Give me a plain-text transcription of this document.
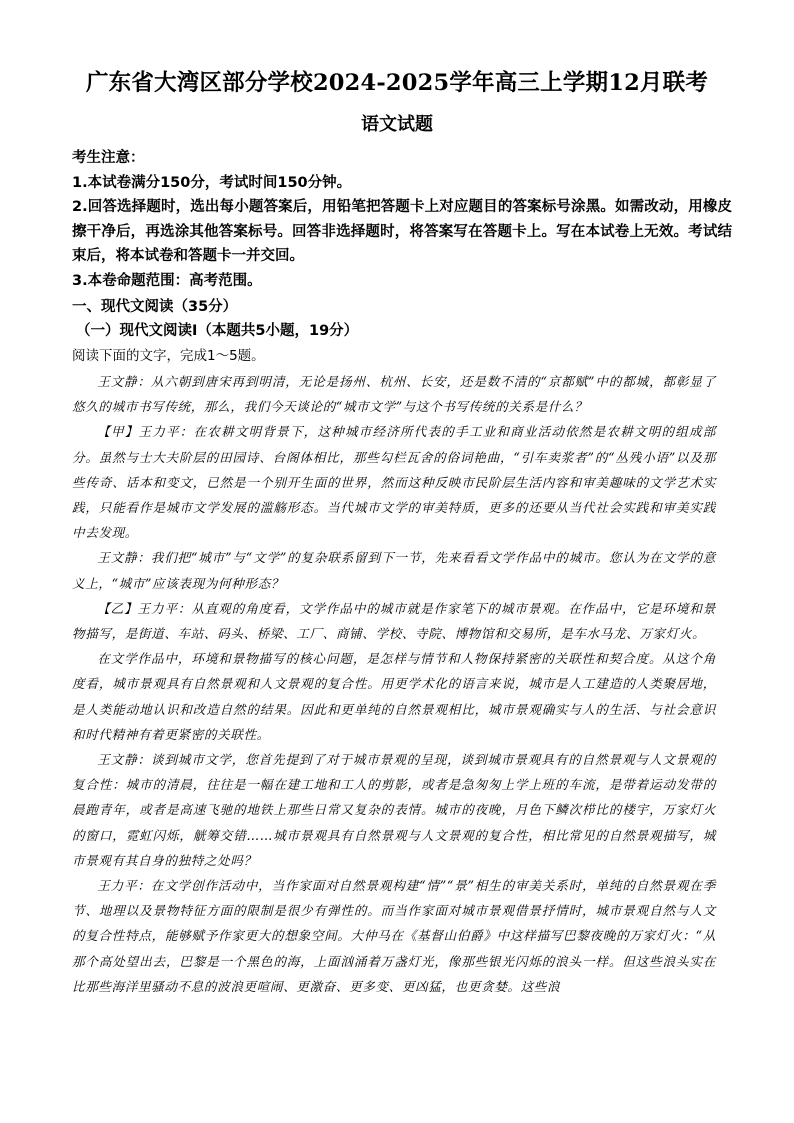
广东省大湾区部分学校2024-2025学年高三上学期12月联考
语文试题
考生注意：
1.本试卷满分150分，考试时间150分钟。
2.回答选择题时，选出每小题答案后，用铅笔把答题卡上对应题目的答案标号涂黑。如需改动，用橡皮擦干净后，再选涂其他答案标号。回答非选择题时，将答案写在答题卡上。写在本试卷上无效。考试结束后，将本试卷和答题卡一并交回。
3.本卷命题范围：高考范围。
一、现代文阅读（35分）
（一）现代文阅读Ⅰ（本题共5小题，19分）
阅读下面的文字，完成1～5题。

王文静：从六朝到唐宋再到明清，无论是扬州、杭州、长安，还是数不清的“京都赋”中的都城，都彰显了悠久的城市书写传统，那么，我们今天谈论的“城市文学”与这个书写传统的关系是什么？

【甲】王力平：在农耕文明背景下，这种城市经济所代表的手工业和商业活动依然是农耕文明的组成部分。虽然与士大夫阶层的田园诗、台阁体相比，那些勾栏瓦舍的俗词艳曲，“引车卖浆者”的“丛残小语”以及那些传奇、话本和变文，已然是一个别开生面的世界，然而这种反映市民阶层生活内容和审美趣味的文学艺术实践，只能看作是城市文学发展的滥觞形态。当代城市文学的审美特质，更多的还要从当代社会实践和审美实践中去发现。

王文静：我们把“城市”与“文学”的复杂联系留到下一节，先来看看文学作品中的城市。您认为在文学的意义上，“城市”应该表现为何种形态？

【乙】王力平：从直观的角度看，文学作品中的城市就是作家笔下的城市景观。在作品中，它是环境和景物描写，是街道、车站、码头、桥梁、工厂、商铺、学校、寺院、博物馆和交易所，是车水马龙、万家灯火。

在文学作品中，环境和景物描写的核心问题，是怎样与情节和人物保持紧密的关联性和契合度。从这个角度看，城市景观具有自然景观和人文景观的复合性。用更学术化的语言来说，城市是人工建造的人类聚居地，是人类能动地认识和改造自然的结果。因此和更单纯的自然景观相比，城市景观确实与人的生活、与社会意识和时代精神有着更紧密的关联性。

王文静：谈到城市文学，您首先提到了对于城市景观的呈现，谈到城市景观具有的自然景观与人文景观的复合性：城市的清晨，往往是一幅在建工地和工人的剪影，或者是急匆匆上学上班的车流，是带着运动发带的晨跑青年，或者是高速飞驰的地铁上那些日常又复杂的表情。城市的夜晚，月色下鳞次栉比的楼宇，万家灯火的窗口，霓虹闪烁，觥筹交错……城市景观具有自然景观与人文景观的复合性，相比常见的自然景观描写，城市景观有其自身的独特之处吗？

王力平：在文学创作活动中，当作家面对自然景观构建“情”“景”相生的审美关系时，单纯的自然景观在季节、地理以及景物特征方面的限制是很少有弹性的。而当作家面对城市景观借景抒情时，城市景观自然与人文的复合性特点，能够赋予作家更大的想象空间。大仲马在《基督山伯爵》中这样描写巴黎夜晚的万家灯火：“从那个高处望出去，巴黎是一个黑色的海，上面汹涌着万盏灯光，像那些银光闪烁的浪头一样。但这些浪头实在比那些海洋里骚动不息的波浪更喧闹、更激奋、更多变、更凶猛，也更贪婪。这些浪
